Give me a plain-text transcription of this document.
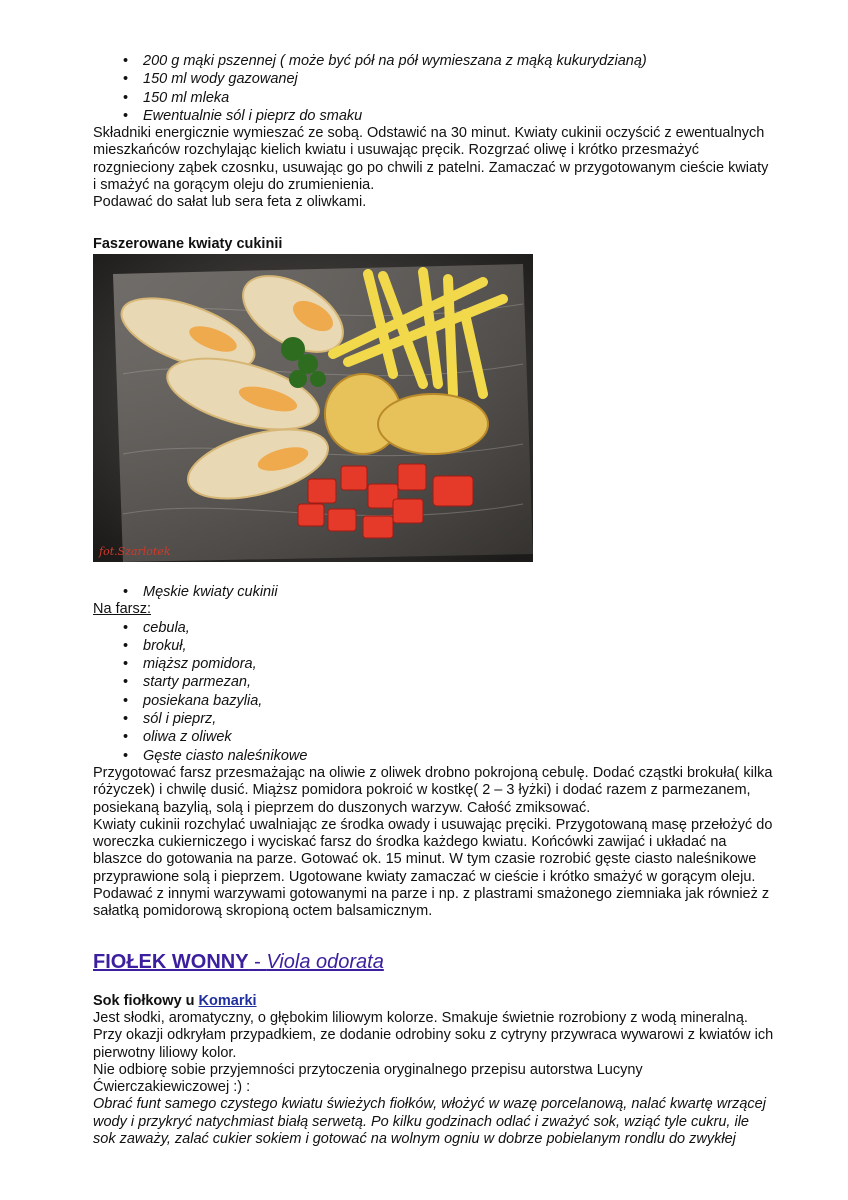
• 200 g mąki pszennej ( może być pół na pół wymieszana z mąką kukurydzianą)
• 150 ml wody gazowanej
• 150 ml mleka
• Ewentualnie sól i pieprz do smaku

Składniki energicznie wymieszać ze sobą. Odstawić na 30 minut. Kwiaty cukinii oczyścić z ewentualnych

mieszkańców rozchylając kielich kwiatu i usuwając pręcik. Rozgrzać oliwę i krótko przesmażyć

rozgnieciony ząbek czosnku, usuwając go po chwili z patelni. Zamaczać w przygotowanym cieście kwiaty

i smażyć na gorącym oleju do zrumienienia.

Podawać do sałat lub sera feta z oliwkami.

Faszerowane kwiaty cukinii

fot.Szarlotek
• Męskie kwiaty cukinii

Na farsz:

• cebula,
• brokuł,
• miąższ pomidora,
• starty parmezan,
• posiekana bazylia,
• sól i pieprz,
• oliwa z oliwek
• Gęste ciasto naleśnikowe

Przygotować farsz przesmażając na oliwie z oliwek drobno pokrojoną cebulę. Dodać cząstki brokuła( kilka

różyczek) i chwilę dusić. Miąższ pomidora pokroić w kostkę( 2 – 3 łyżki) i dodać razem z parmezanem,

posiekaną bazylią, solą i pieprzem do duszonych warzyw. Całość zmiksować.

Kwiaty cukinii rozchylać uwalniając ze środka owady i usuwając pręciki. Przygotowaną masę przełożyć do

woreczka cukierniczego i wyciskać farsz do środka każdego kwiatu. Końcówki zawijać i układać na

blaszce do gotowania na parze. Gotować ok. 15 minut. W tym czasie rozrobić gęste ciasto naleśnikowe

przyprawione solą i pieprzem. Ugotowane kwiaty zamaczać w cieście i krótko smażyć w gorącym oleju.

Podawać z innymi warzywami gotowanymi na parze i np. z plastrami smażonego ziemniaka jak również z

sałatką pomidorową skropioną octem balsamicznym.

FIOŁEK WONNY - Viola odorata

Sok fiołkowy u Komarki

Jest słodki, aromatyczny, o głębokim liliowym kolorze. Smakuje świetnie rozrobiony z wodą mineralną.

Przy okazji odkryłam przypadkiem, ze dodanie odrobiny soku z cytryny przywraca wywarowi z kwiatów ich

pierwotny liliowy kolor.

Nie odbiorę sobie przyjemności przytoczenia oryginalnego przepisu autorstwa Lucyny

Ćwierczakiewiczowej :) :

Obrać funt samego czystego kwiatu świeżych fiołków, włożyć w wazę porcelanową, nalać kwartę wrzącej

wody i przykryć natychmiast białą serwetą. Po kilku godzinach odlać i zważyć sok, wziąć tyle cukru, ile

sok zaważy, zalać cukier sokiem i gotować na wolnym ogniu w dobrze pobielanym rondlu do zwykłej
